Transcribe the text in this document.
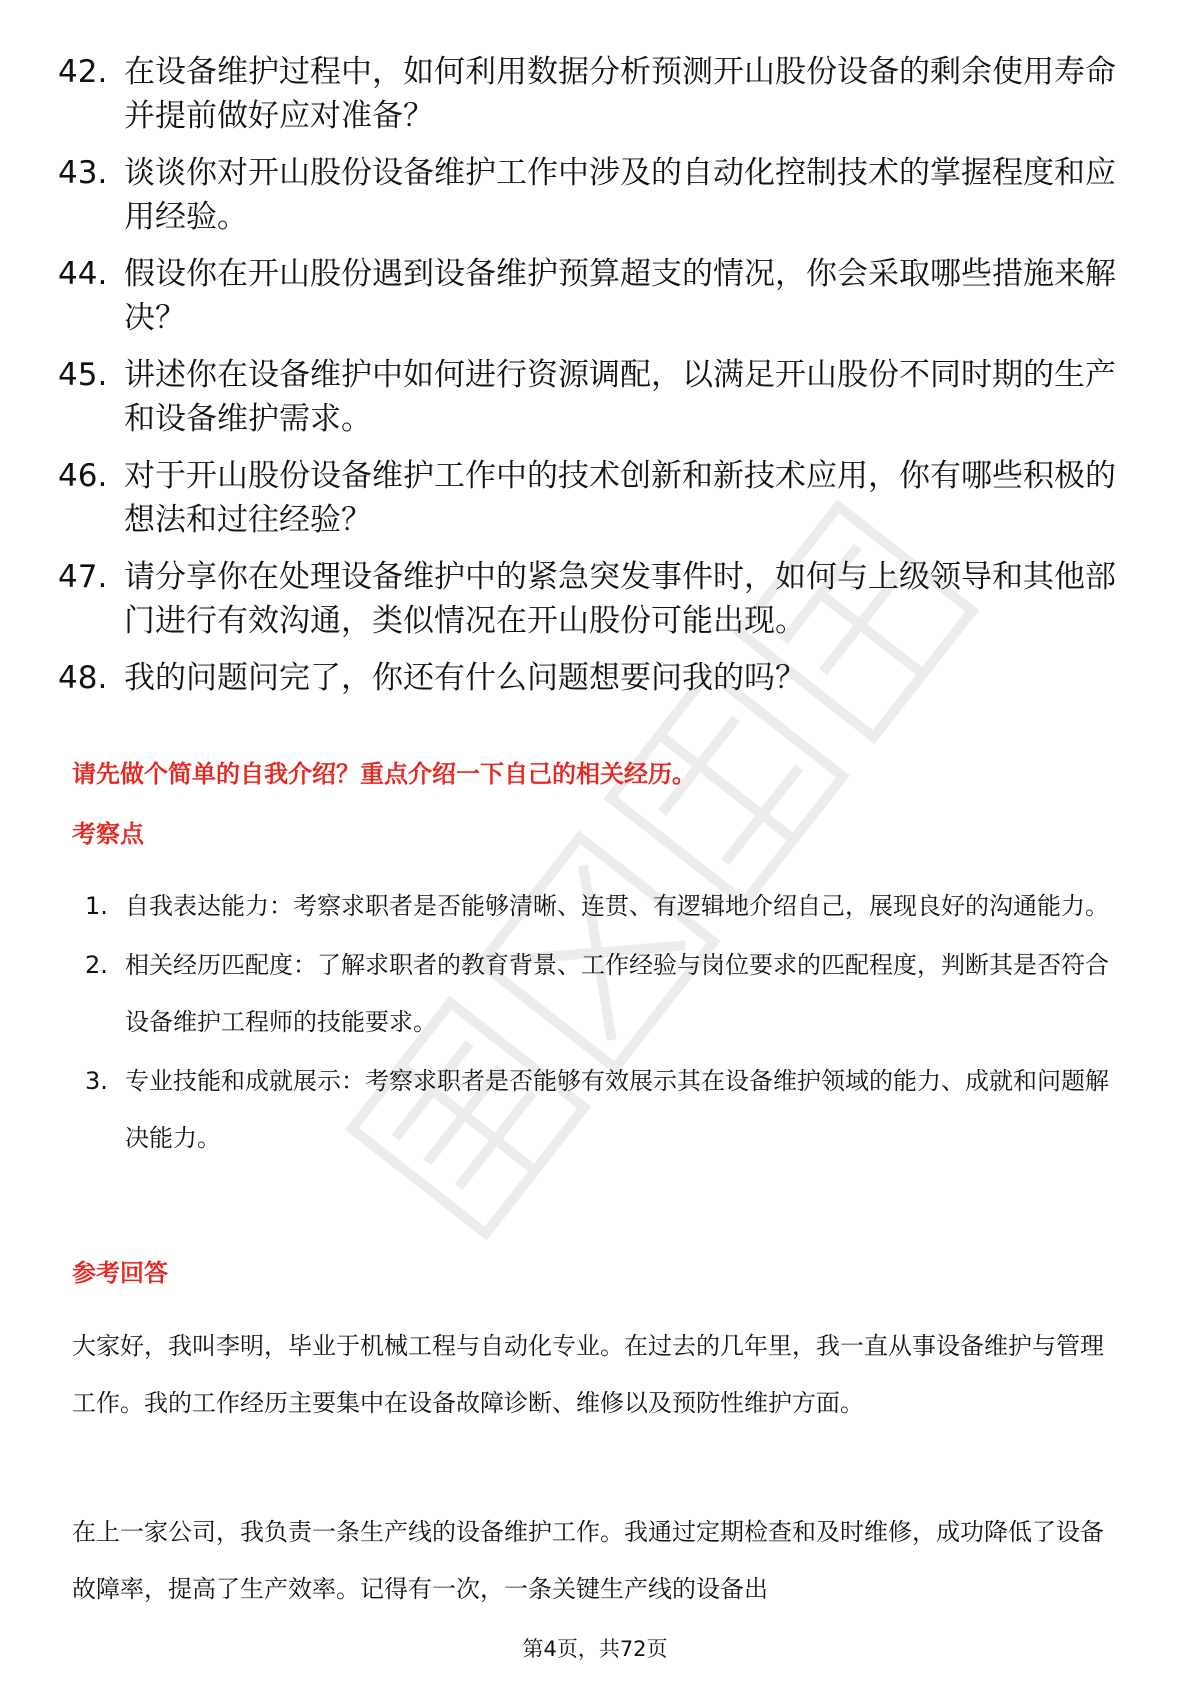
42. 在设备维护过程中，如何利用数据分析预测开山股份设备的剩余使用寿命并提前做好应对准备？
43. 谈谈你对开山股份设备维护工作中涉及的自动化控制技术的掌握程度和应用经验。
44. 假设你在开山股份遇到设备维护预算超支的情况，你会采取哪些措施来解决？
45. 讲述你在设备维护中如何进行资源调配，以满足开山股份不同时期的生产和设备维护需求。
46. 对于开山股份设备维护工作中的技术创新和新技术应用，你有哪些积极的想法和过往经验？
47. 请分享你在处理设备维护中的紧急突发事件时，如何与上级领导和其他部门进行有效沟通，类似情况在开山股份可能出现。
48. 我的问题问完了，你还有什么问题想要问我的吗？
请先做个简单的自我介绍？重点介绍一下自己的相关经历。
考察点
1. 自我表达能力：考察求职者是否能够清晰、连贯、有逻辑地介绍自己，展现良好的沟通能力。
2. 相关经历匹配度：了解求职者的教育背景、工作经验与岗位要求的匹配程度，判断其是否符合设备维护工程师的技能要求。
3. 专业技能和成就展示：考察求职者是否能够有效展示其在设备维护领域的能力、成就和问题解决能力。
参考回答

大家好，我叫李明，毕业于机械工程与自动化专业。在过去的几年里，我一直从事设备维护与管理工作。我的工作经历主要集中在设备故障诊断、维修以及预防性维护方面。

在上一家公司，我负责一条生产线的设备维护工作。我通过定期检查和及时维修，成功降低了设备故障率，提高了生产效率。记得有一次，一条关键生产线的设备出

第4页，共72页
